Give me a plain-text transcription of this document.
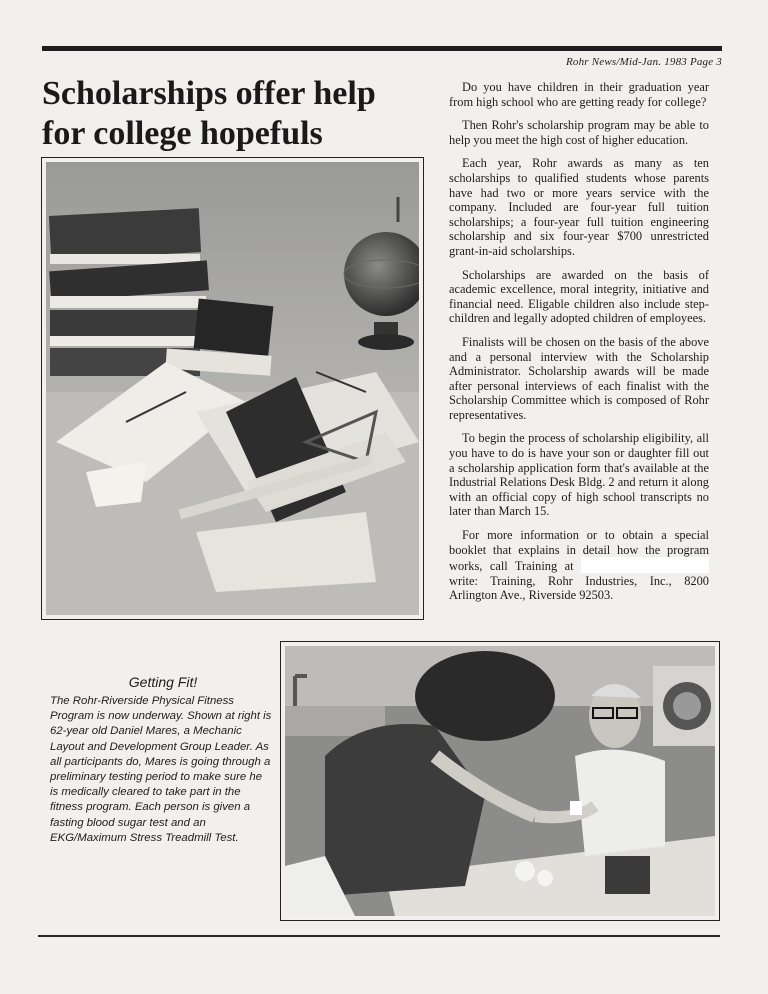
Rohr News/Mid-Jan. 1983 Page 3
Scholarships offer help for college hopefuls

Do you have children in their graduation year from high school who are getting ready for college?

Then Rohr's scholarship program may be able to help you meet the high cost of higher education.

Each year, Rohr awards as many as ten scholarships to qualified students whose parents have had two or more years service with the company. Included are four-year full tuition scholarships; a four-year full tuition engineering scholarship and six four-year $700 unrestricted grant-in-aid scholarships.

Scholarships are awarded on the basis of academic excellence, moral integrity, initiative and financial need. Eligable children also include step-children and legally adopted children of employees.

Finalists will be chosen on the basis of the above and a personal interview with the Scholarship Administrator. Scholarship awards will be made after personal interviews of each finalist with the Scholarship Committee which is composed of Rohr representatives.

To begin the process of scholarship eligibility, all you have to do is have your son or daughter fill out a scholarship application form that's available at the Industrial Relations Desk Bldg. 2 and return it along with an official copy of high school transcripts no later than March 15.

For more information or to obtain a special booklet that explains in detail how the program works, call Training at  write: Training, Rohr Industries, Inc., 8200 Arlington Ave., Riverside 92503.

Getting Fit!

The Rohr-Riverside Physical Fitness Program is now underway. Shown at right is 62-year old Daniel Mares, a Mechanic Layout and Development Group Leader. As all participants do, Mares is going through a preliminary testing period to make sure he is medically cleared to take part in the fitness program. Each person is given a fasting blood sugar test and an EKG/Maximum Stress Treadmill Test.
